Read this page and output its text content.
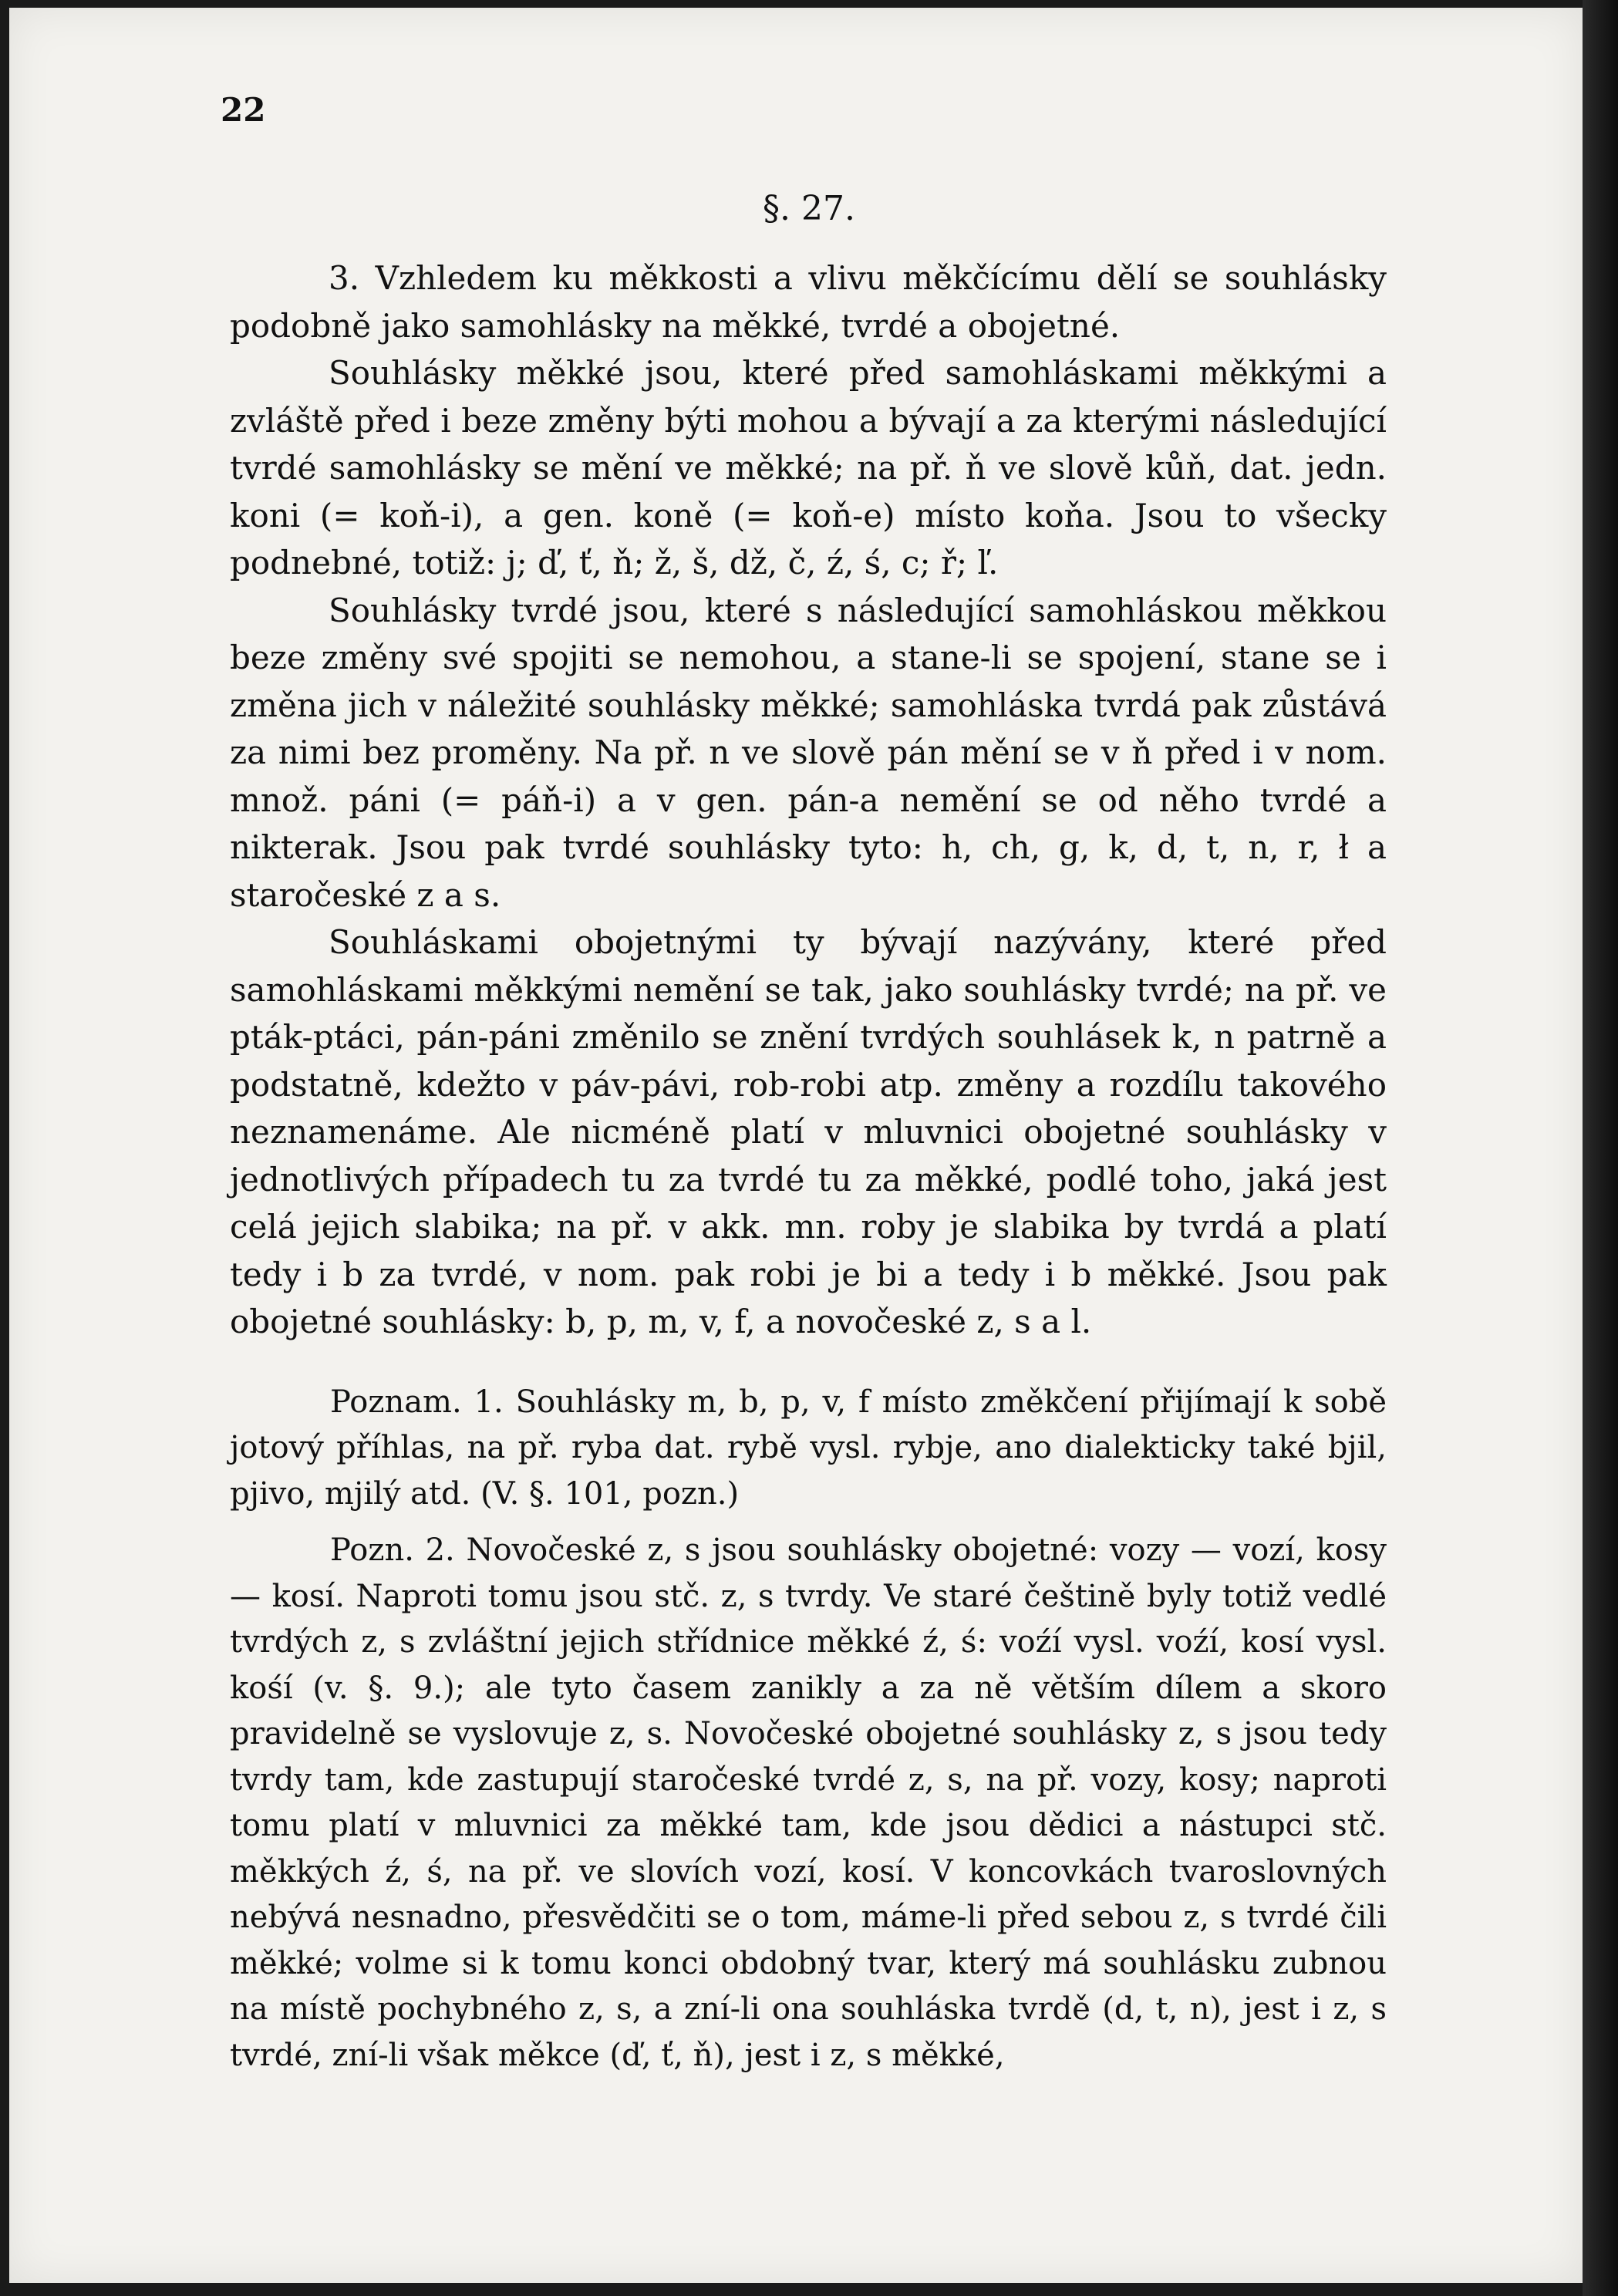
22
§. 27.

3. Vzhledem ku měkkosti a vlivu měkčícímu dělí se souhlásky podobně jako samohlásky na měkké, tvrdé a obojetné.

Souhlásky měkké jsou, které před samohláskami měkkými a zvláště před i beze změny býti mohou a bývají a za kterými následující tvrdé samohlásky se mění ve měkké; na př. ň ve slově kůň, dat. jedn. koni (= koň-i), a gen. koně (= koň-e) místo koňa. Jsou to všecky podnebné, totiž: j; ď, ť, ň; ž, š, dž, č, ź, ś, c; ř; ľ.

Souhlásky tvrdé jsou, které s následující samohláskou měkkou beze změny své spojiti se nemohou, a stane-li se spojení, stane se i změna jich v náležité souhlásky měkké; samohláska tvrdá pak zůstává za nimi bez proměny. Na př. n ve slově pán mění se v ň před i v nom. množ. páni (= páň-i) a v gen. pán-a nemění se od něho tvrdé a nikterak. Jsou pak tvrdé souhlásky tyto: h, ch, g, k, d, t, n, r, ł a staročeské z a s.

Souhláskami obojetnými ty bývají nazývány, které před samohláskami měkkými nemění se tak, jako souhlásky tvrdé; na př. ve pták-ptáci, pán-páni změnilo se znění tvrdých souhlásek k, n patrně a podstatně, kdežto v páv-pávi, rob-robi atp. změny a rozdílu takového neznamenáme. Ale nicméně platí v mluvnici obojetné souhlásky v jednotlivých případech tu za tvrdé tu za měkké, podlé toho, jaká jest celá jejich slabika; na př. v akk. mn. roby je slabika by tvrdá a platí tedy i b za tvrdé, v nom. pak robi je bi a tedy i b měkké. Jsou pak obojetné souhlásky: b, p, m, v, f, a novočeské z, s a l.

Poznam. 1. Souhlásky m, b, p, v, f místo změkčení přijímají k sobě jotový příhlas, na př. ryba dat. rybě vysl. rybje, ano dialekticky také bjil, pjivo, mjilý atd. (V. §. 101, pozn.)

Pozn. 2. Novočeské z, s jsou souhlásky obojetné: vozy — vozí, kosy — kosí. Naproti tomu jsou stč. z, s tvrdy. Ve staré češtině byly totiž vedlé tvrdých z, s zvláštní jejich střídnice měkké ź, ś: voźí vysl. voźí, kosí vysl. kośí (v. §. 9.); ale tyto časem zanikly a za ně větším dílem a skoro pravidelně se vyslovuje z, s. Novočeské obojetné souhlásky z, s jsou tedy tvrdy tam, kde zastupují staročeské tvrdé z, s, na př. vozy, kosy; naproti tomu platí v mluvnici za měkké tam, kde jsou dědici a nástupci stč. měkkých ź, ś, na př. ve slovích vozí, kosí. V koncovkách tvaroslovných nebývá nesnadno, přesvědčiti se o tom, máme-li před sebou z, s tvrdé čili měkké; volme si k tomu konci obdobný tvar, který má souhlásku zubnou na místě pochybného z, s, a zní-li ona souhláska tvrdě (d, t, n), jest i z, s tvrdé, zní-li však měkce (ď, ť, ň), jest i z, s měkké,
